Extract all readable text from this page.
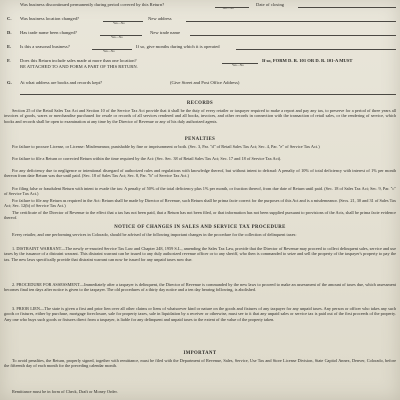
Was business discontinued permanently during period covered by this Return?
Yes—No
Date of closing
C. Was business location changed?
Yes—No
New address
D. Has trade name been changed?
Yes—No
New trade name
E. Is this a seasonal business?
Yes—No
If so, give months during which it is operated
F. Does this Return include sales made at more than one location?
Yes—No
If so, FORM D. R. 101 OR D. R. 101-A MUST
BE ATTACHED TO AND FORM A PART OF THIS RETURN.
G. At what address are books and records kept?	(Give Street and Post Office Address)
RECORDS
Section 25 of the Retail Sales Tax Act and Section 10 of the Service Tax Act provide that it shall be the duty of every retailer or taxpayer required to make a report and pay any tax, to preserve for a period of three years all invoices of goods, wares or merchandise purchased for resale or records of all services rendered and all books, invoices, and other records in connection with the transaction of retail sales, or the rendering of service, which books and records shall be open to examination at any time by the Director of Revenue or any of his duly authorized agents.
PENALTIES
For failure to procure License, or License: Misdemeanor, punishable by fine or imprisonment or both. (Sec. 3, Par. "d" of Retail Sales Tax Act; Sec. 4, Par. "e" of Service Tax Act.)
For failure to file a Return or corrected Return within the time required by the Act: (Sec. Sec. 38 of Retail Sales Tax Act; Sec. 17 and 18 of Service Tax Act).
For any deficiency due to negligence or intentional disregard of authorized rules and regulations with knowledge thereof, but without intent to defraud: A penalty of 10% of total deficiency with interest of 1% per month thereon from date Return was due until paid. (Sec. 18 of Sales Tax Act; Sec. 8, Par. "b" of Service Tax Act.)
For filing false or fraudulent Return with intent to evade the tax: A penalty of 50% of the total deficiency plus 1% per month, or fraction thereof, from due date of Return until paid. (Sec. 18 of Sales Tax Act; Sec. 9, Par. "c" of Service Tax Act.)
For failure to file any Return as required in the Act: Return shall be made by Director of Revenue, such Return shall be prima facie correct for the purposes of this Act and is a misdemeanor. (Secs. 21, 30 and 31 of Sales Tax Act; Sec. 12(b) of Service Tax Act.)
The certificate of the Director of Revenue to the effect that a tax has not been paid, that a Return has not been filed, or that information has not been supplied pursuant to provisions of the Acts, shall be prima facie evidence thereof.
NOTICE OF CHANGES IN SALES AND SERVICE TAX PROCEDURE
Every retailer, and one performing services in Colorado, should be advised of the following important changes in the procedure for the collection of delinquent taxes:
1. DISTRAINT WARRANT—The newly re-enacted Service Tax Law and Chapter 248, 1959 S.L., amending the Sales Tax Law, provide that the Director of Revenue may proceed to collect delinquent sales, service and use taxes by the issuance of a distraint warrant. This distraint warrant can be issued to any duly authorized revenue officer or to any sheriff, who then is commanded to seize and sell the property of the taxpayer's property to pay the tax. The new laws specifically provide that distraint warrant can now be issued for any unpaid taxes now due.
2. PROCEDURE FOR ASSESSMENT—Immediately after a taxpayer is delinquent, the Director of Revenue is commanded by the new laws to proceed to make an assessment of the amount of taxes due, which assessment becomes final ten days after notice is given to the taxpayer. The old procedures of a thirty day notice and a ten day hearing following, is abolished.
3. PRIOR LIEN—The state is given a first and prior lien over all other claims or liens of whatsoever kind or nature on the goods and fixtures of any taxpayer for any unpaid taxes. Any person or officer who takes any such goods or fixtures, either by purchase, mortgage foreclosure, sale for property taxes, sale in liquidation by a receiver or otherwise, must see to it that any unpaid sales or service tax is paid out of the first proceeds of the property. Any one who buys such goods or fixtures direct from a taxpayer, is liable for any delinquent and unpaid taxes to the extent of the value of the property taken.
IMPORTANT
To avoid penalties, the Return, properly signed, together with remittance, must be filed with the Department of Revenue, Sales, Service, Use Tax and Store License Division, State Capitol Annex, Denver, Colorado, before the fifteenth day of each month for the preceding calendar month.
Remittance must be in form of Check, Draft or Money Order.
